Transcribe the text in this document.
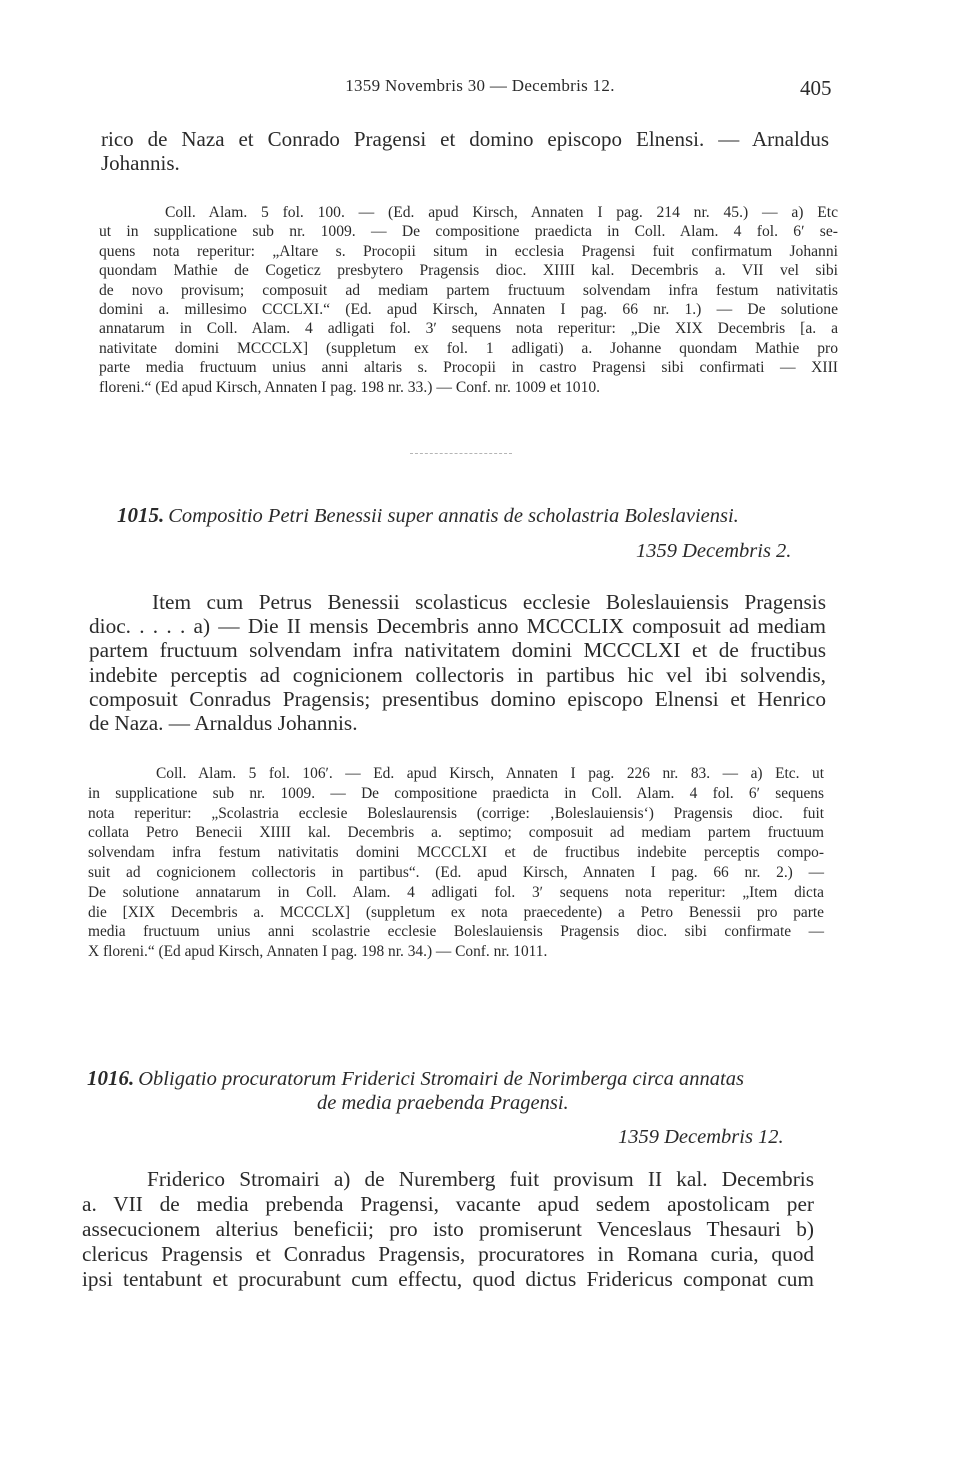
1359 Novembris 30 — Decembris 12.	405
rico de Naza et Conrado Pragensi et domino episcopo Elnensi. — Arnaldus
Johannis.
Coll. Alam. 5 fol. 100. — (Ed. apud Kirsch, Annaten I pag. 214 nr. 45.) — a) Etc
ut in supplicatione sub nr. 1009. — De compositione praedicta in Coll. Alam. 4 fol. 6ʹ se-
quens nota reperitur: „Altare s. Procopii situm in ecclesia Pragensi fuit confirmatum Johanni
quondam Mathie de Cogeticz presbytero Pragensis dioc. XIIII kal. Decembris a. VII vel sibi
de novo provisum; composuit ad mediam partem fructuum solvendam infra festum nativitatis
domini a. millesimo CCCLXI.“ (Ed. apud Kirsch, Annaten I pag. 66 nr. 1.) — De solutione
annatarum in Coll. Alam. 4 adligati fol. 3ʹ sequens nota reperitur: „Die XIX Decembris [a. a
nativitate domini MCCCLX] (suppletum ex fol. 1 adligati) a. Johanne quondam Mathie pro
parte media fructuum unius anni altaris s. Procopii in castro Pragensi sibi confirmati — XIII
floreni.“ (Ed apud Kirsch, Annaten I pag. 198 nr. 33.) — Conf. nr. 1009 et 1010.
1015. Compositio Petri Benessii super annatis de scholastria Boleslaviensi.
1359 Decembris 2.
Item cum Petrus Benessii scolasticus ecclesie Boleslauiensis Pragensis
dioc. . . . . a) — Die II mensis Decembris anno MCCCLIX composuit ad mediam
partem fructuum solvendam infra nativitatem domini MCCCLXI et de fructibus
indebite perceptis ad cognicionem collectoris in partibus hic vel ibi solvendis,
composuit Conradus Pragensis; presentibus domino episcopo Elnensi et Henrico
de Naza. — Arnaldus Johannis.
Coll. Alam. 5 fol. 106ʹ. — Ed. apud Kirsch, Annaten I pag. 226 nr. 83. — a) Etc. ut
in supplicatione sub nr. 1009. — De compositione praedicta in Coll. Alam. 4 fol. 6ʹ sequens
nota reperitur: „Scolastria ecclesie Boleslaurensis (corrige: ‚Boleslauiensis‘) Pragensis dioc. fuit
collata Petro Benecii XIIII kal. Decembris a. septimo; composuit ad mediam partem fructuum
solvendam infra festum nativitatis domini MCCCLXI et de fructibus indebite perceptis compo-
suit ad cognicionem collectoris in partibus“. (Ed. apud Kirsch, Annaten I pag. 66 nr. 2.) —
De solutione annatarum in Coll. Alam. 4 adligati fol. 3ʹ sequens nota reperitur: „Item dicta
die [XIX Decembris a. MCCCLX] (suppletum ex nota praecedente) a Petro Benessii pro parte
media fructuum unius anni scolastrie ecclesie Boleslauiensis Pragensis dioc. sibi confirmate —
X floreni.“ (Ed apud Kirsch, Annaten I pag. 198 nr. 34.) — Conf. nr. 1011.
1016. Obligatio procuratorum Friderici Stromairi de Norimberga circa annatas
de media praebenda Pragensi.
1359 Decembris 12.
Friderico Stromairi a) de Nuremberg fuit provisum II kal. Decembris
a. VII de media prebenda Pragensi, vacante apud sedem apostolicam per
assecucionem alterius beneficii; pro isto promiserunt Venceslaus Thesauri b)
clericus Pragensis et Conradus Pragensis, procuratores in Romana curia, quod
ipsi tentabunt et procurabunt cum effectu, quod dictus Fridericus componat cum
